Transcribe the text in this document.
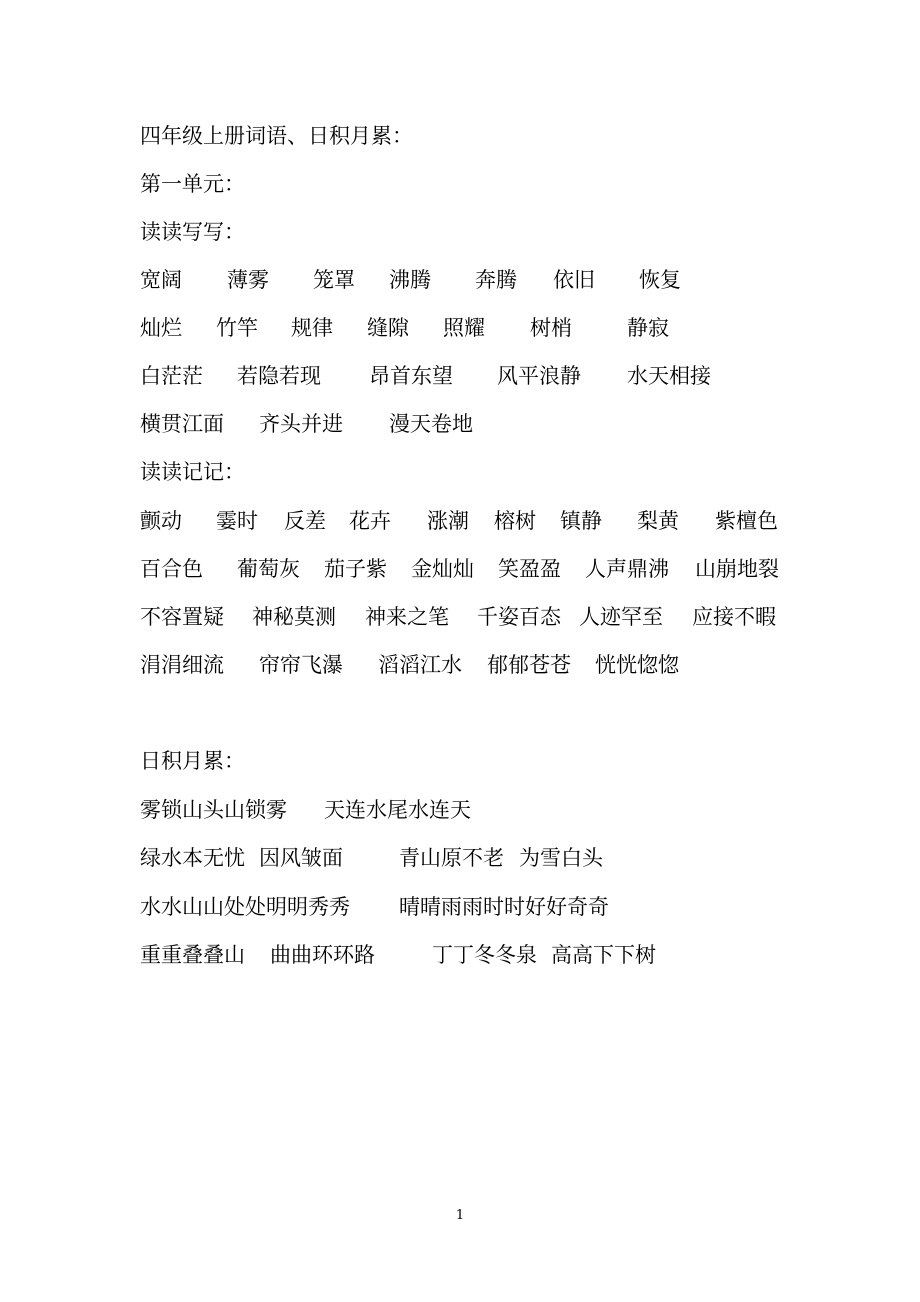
四年级上册词语、日积月累：
第一单元：
读读写写：
宽阔 薄雾 笼罩 沸腾 奔腾 依旧 恢复
灿烂 竹竿 规律 缝隙 照耀 树梢	静寂
白茫茫 若隐若现 昂首东望 风平浪静 水天相接
横贯江面 齐头并进 漫天卷地
读读记记：
颤动 霎时 反差 花卉 涨潮 榕树 镇静 梨黄 紫檀色
百合色 葡萄灰 茄子紫 金灿灿 笑盈盈 人声鼎沸 山崩地裂
不容置疑 神秘莫测 神来之笔 千姿百态 人迹罕至 应接不暇
涓涓细流 帘帘飞瀑 滔滔江水 郁郁苍苍 恍恍惚惚
日积月累：
雾锁山头山锁雾 天连水尾水连天
绿水本无忧 因风皱面	青山原不老 为雪白头
水水山山处处明明秀秀 晴晴雨雨时时好好奇奇
重重叠叠山 曲曲环环路	丁丁冬冬泉 高高下下树
1
